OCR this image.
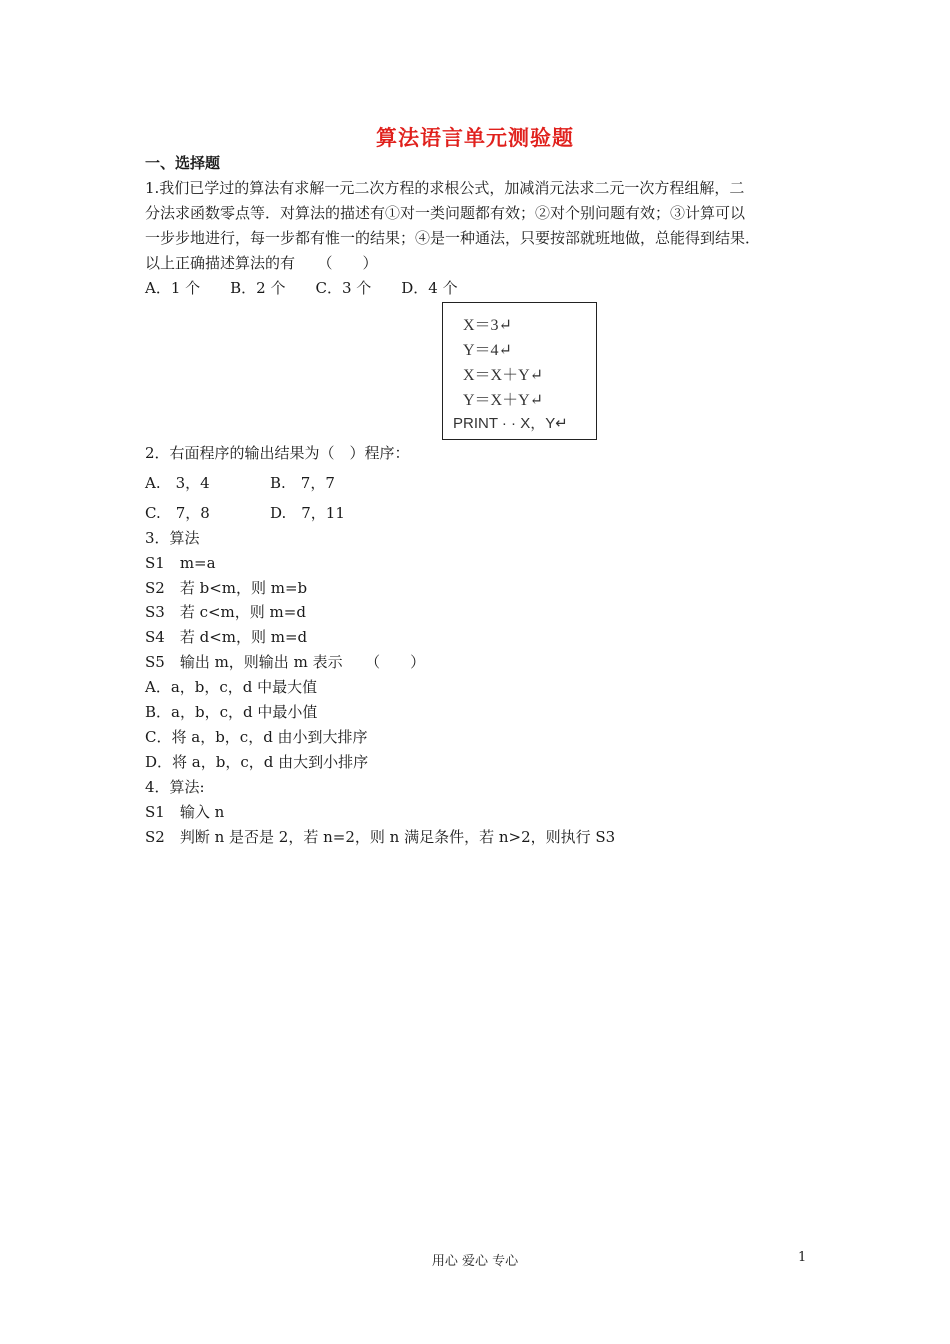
算法语言单元测验题
一、选择题
1.我们已学过的算法有求解一元二次方程的求根公式，加减消元法求二元一次方程组解，二
分法求函数零点等．对算法的描述有①对一类问题都有效；②对个别问题有效；③计算可以
一步步地进行，每一步都有惟一的结果；④是一种通法，只要按部就班地做，总能得到结果．
以上正确描述算法的有　　（　　）
A．1 个　　B．2 个　　C．3 个　　D．4 个
X＝3↵
Y＝4↵
X＝X＋Y↵
Y＝X＋Y↵
PRINT · · X，Y↵
2．右面程序的输出结果为（　）程序：
A.　3，4	B.　7，7
C.　7，8	D.　7，11
3．算法
S1　m=a
S2　若 b<m，则 m=b
S3　若 c<m，则 m=d
S4　若 d<m，则 m=d
S5　输出 m，则输出 m 表示　　（　　）
A．a，b，c，d 中最大值
B．a，b，c，d 中最小值
C．将 a，b，c，d 由小到大排序
D．将 a，b，c，d 由大到小排序
4．算法:
S1　输入 n
S2　判断 n 是否是 2，若 n=2，则 n 满足条件，若 n>2，则执行 S3
用心 爱心 专心	1
